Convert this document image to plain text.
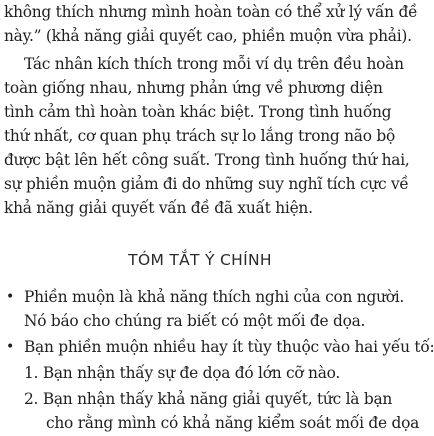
không thích nhưng mình hoàn toàn có thể xử lý vấn đề
này.” (khả năng giải quyết cao, phiền muộn vừa phải).
Tác nhân kích thích trong mỗi ví dụ trên đều hoàn
toàn giống nhau, nhưng phản ứng về phương diện
tình cảm thì hoàn toàn khác biệt. Trong tình huống
thứ nhất, cơ quan phụ trách sự lo lắng trong não bộ
được bật lên hết công suất. Trong tình huống thứ hai,
sự phiền muộn giảm đi do những suy nghĩ tích cực về
khả năng giải quyết vấn đề đã xuất hiện.
TÓM TẮT Ý CHÍNH
• Phiền muộn là khả năng thích nghi của con người.
Nó báo cho chúng ra biết có một mối đe dọa.
• Bạn phiền muộn nhiều hay ít tùy thuộc vào hai yếu tố:
1. Bạn nhận thấy sự đe dọa đó lớn cỡ nào.
2. Bạn nhận thấy khả năng giải quyết, tức là bạn
cho rằng mình có khả năng kiểm soát mối đe dọa
